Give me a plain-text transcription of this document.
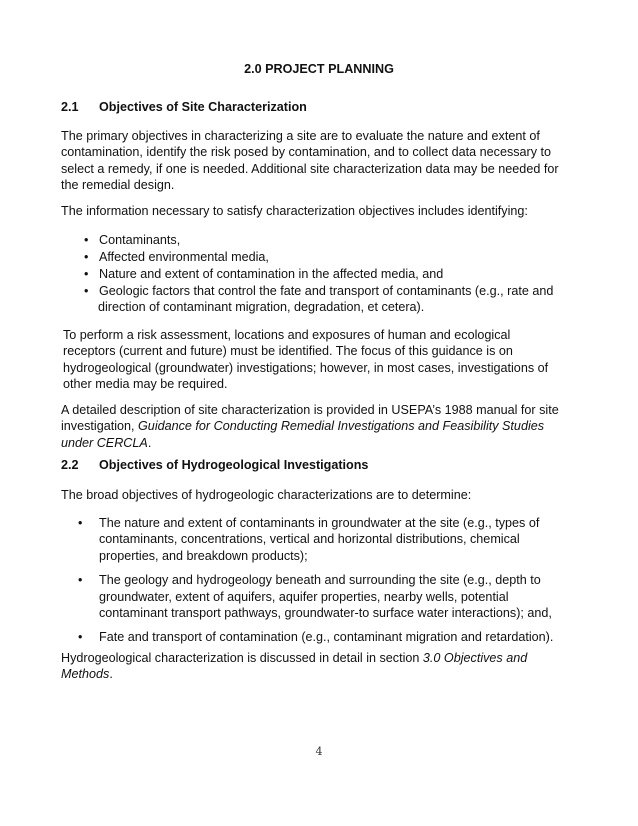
2.0 PROJECT PLANNING
2.1 Objectives of Site Characterization

The primary objectives in characterizing a site are to evaluate the nature and extent of contamination, identify the risk posed by contamination, and to collect data necessary to select a remedy, if one is needed. Additional site characterization data may be needed for the remedial design.

The information necessary to satisfy characterization objectives includes identifying:

• Contaminants,
• Affected environmental media,
• Nature and extent of contamination in the affected media, and
• Geologic factors that control the fate and transport of contaminants (e.g., rate and
direction of contaminant migration, degradation, et cetera).

To perform a risk assessment, locations and exposures of human and ecological receptors (current and future) must be identified. The focus of this guidance is on hydrogeological (groundwater) investigations; however, in most cases, investigations of other media may be required.

A detailed description of site characterization is provided in USEPA’s 1988 manual for site investigation, Guidance for Conducting Remedial Investigations and Feasibility Studies under CERCLA.

2.2 Objectives of Hydrogeological Investigations

The broad objectives of hydrogeologic characterizations are to determine:

• The nature and extent of contaminants in groundwater at the site (e.g., types of contaminants, concentrations, vertical and horizontal distributions, chemical properties, and breakdown products);
• The geology and hydrogeology beneath and surrounding the site (e.g., depth to groundwater, extent of aquifers, aquifer properties, nearby wells, potential contaminant transport pathways, groundwater-to surface water interactions); and,
• Fate and transport of contamination (e.g., contaminant migration and retardation).

Hydrogeological characterization is discussed in detail in section 3.0 Objectives and Methods.

4
